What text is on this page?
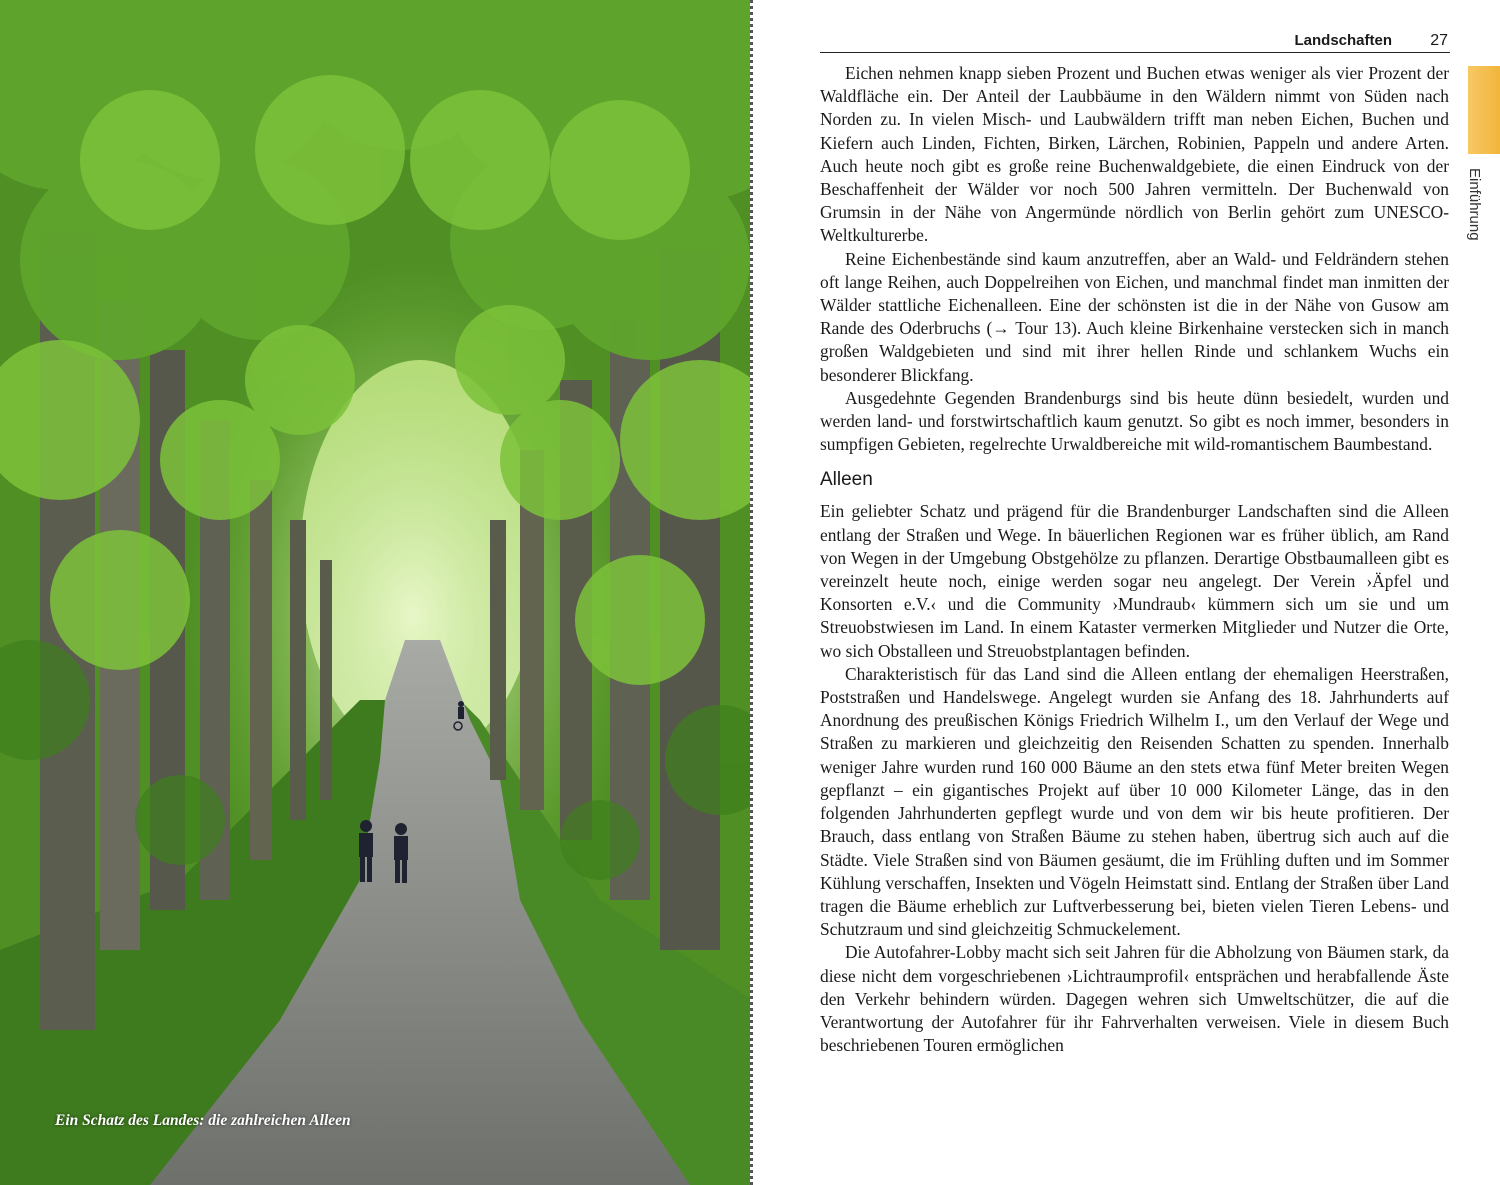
Ein Schatz des Landes: die zahlreichen Alleen
Landschaften 27
Einführung

Eichen nehmen knapp sieben Prozent und Buchen etwas weniger als vier Prozent der Waldfläche ein. Der Anteil der Laubbäume in den Wäldern nimmt von Süden nach Norden zu. In vielen Misch- und Laubwäldern trifft man neben Eichen, Buchen und Kiefern auch Linden, Fichten, Birken, Lärchen, Robinien, Pappeln und andere Arten. Auch heute noch gibt es große reine Buchenwaldgebiete, die einen Eindruck von der Beschaffenheit der Wälder vor noch 500 Jahren vermitteln. Der Buchenwald von Grumsin in der Nähe von Angermünde nördlich von Berlin gehört zum UNESCO-Weltkulturerbe.

Reine Eichenbestände sind kaum anzutreffen, aber an Wald- und Feldrändern stehen oft lange Reihen, auch Doppelreihen von Eichen, und manchmal findet man inmitten der Wälder stattliche Eichenalleen. Eine der schönsten ist die in der Nähe von Gusow am Rande des Oderbruchs (→ Tour 13). Auch kleine Birkenhaine verstecken sich in manch großen Waldgebieten und sind mit ihrer hellen Rinde und schlankem Wuchs ein besonderer Blickfang.

Ausgedehnte Gegenden Brandenburgs sind bis heute dünn besiedelt, wurden und werden land- und forstwirtschaftlich kaum genutzt. So gibt es noch immer, besonders in sumpfigen Gebieten, regelrechte Urwaldbereiche mit wild-romantischem Baumbestand.

Alleen

Ein geliebter Schatz und prägend für die Brandenburger Landschaften sind die Alleen entlang der Straßen und Wege. In bäuerlichen Regionen war es früher üblich, am Rand von Wegen in der Umgebung Obstgehölze zu pflanzen. Derartige Obstbaumalleen gibt es vereinzelt heute noch, einige werden sogar neu angelegt. Der Verein ›Äpfel und Konsorten e.V.‹ und die Community ›Mundraub‹ kümmern sich um sie und um Streuobstwiesen im Land. In einem Kataster vermerken Mitglieder und Nutzer die Orte, wo sich Obstalleen und Streuobstplantagen befinden.

Charakteristisch für das Land sind die Alleen entlang der ehemaligen Heerstraßen, Poststraßen und Handelswege. Angelegt wurden sie Anfang des 18. Jahrhunderts auf Anordnung des preußischen Königs Friedrich Wilhelm I., um den Verlauf der Wege und Straßen zu markieren und gleichzeitig den Reisenden Schatten zu spenden. Innerhalb weniger Jahre wurden rund 160 000 Bäume an den stets etwa fünf Meter breiten Wegen gepflanzt – ein gigantisches Projekt auf über 10 000 Kilometer Länge, das in den folgenden Jahrhunderten gepflegt wurde und von dem wir bis heute profitieren. Der Brauch, dass entlang von Straßen Bäume zu stehen haben, übertrug sich auch auf die Städte. Viele Straßen sind von Bäumen gesäumt, die im Frühling duften und im Sommer Kühlung verschaffen, Insekten und Vögeln Heimstatt sind. Entlang der Straßen über Land tragen die Bäume erheblich zur Luftverbesserung bei, bieten vielen Tieren Lebens- und Schutzraum und sind gleichzeitig Schmuckelement.

Die Autofahrer-Lobby macht sich seit Jahren für die Abholzung von Bäumen stark, da diese nicht dem vorgeschriebenen ›Lichtraumprofil‹ entsprächen und herabfallende Äste den Verkehr behindern würden. Dagegen wehren sich Umweltschützer, die auf die Verantwortung der Autofahrer für ihr Fahrverhalten verweisen. Viele in diesem Buch beschriebenen Touren ermöglichen
